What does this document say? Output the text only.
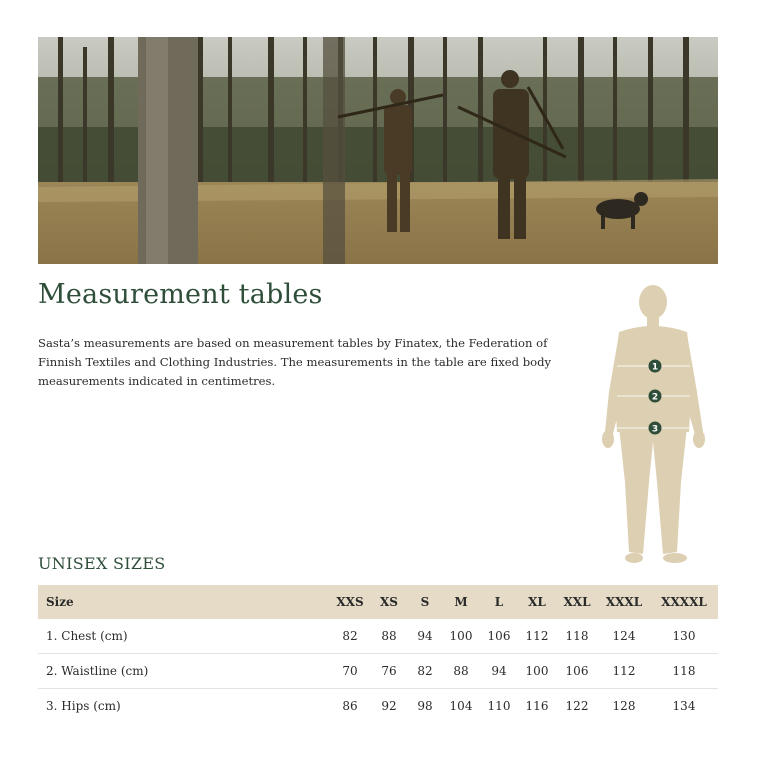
Measurement tables

Sasta’s measurements are based on measurement tables by Finatex, the Federation of Finnish Textiles and Clothing Industries. The measurements in the table are fixed body measurements indicated in centimetres.

1
2
3
UNISEX SIZES
Size	XXS	XS	S	M	L	XL	XXL	XXXL	XXXXL
1. Chest (cm)	82	88	94	100	106	112	118	124	130
2. Waistline (cm)	70	76	82	88	94	100	106	112	118
3. Hips (cm)	86	92	98	104	110	116	122	128	134
